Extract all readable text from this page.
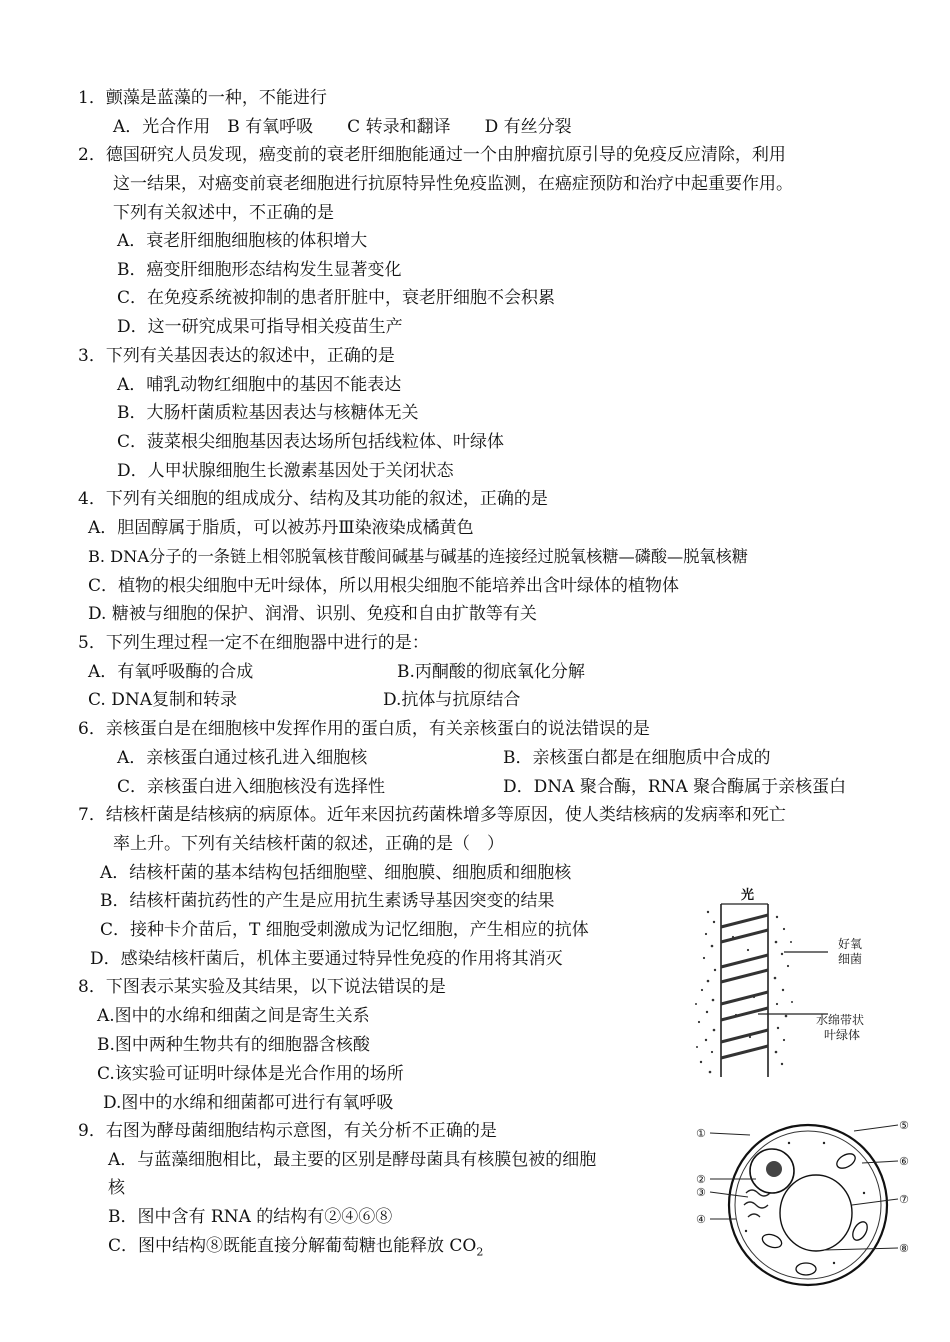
1．颤藻是蓝藻的一种，不能进行
A．光合作用　B 有氧呼吸　　C 转录和翻译　　D 有丝分裂
2．德国研究人员发现，癌变前的衰老肝细胞能通过一个由肿瘤抗原引导的免疫反应清除，利用
这一结果，对癌变前衰老细胞进行抗原特异性免疫监测，在癌症预防和治疗中起重要作用。
下列有关叙述中，不正确的是
A．衰老肝细胞细胞核的体积增大
B．癌变肝细胞形态结构发生显著变化
C．在免疫系统被抑制的患者肝脏中，衰老肝细胞不会积累
D．这一研究成果可指导相关疫苗生产
3．下列有关基因表达的叙述中，正确的是
A．哺乳动物红细胞中的基因不能表达
B．大肠杆菌质粒基因表达与核糖体无关
C．菠菜根尖细胞基因表达场所包括线粒体、叶绿体
D．人甲状腺细胞生长激素基因处于关闭状态
4．下列有关细胞的组成成分、结构及其功能的叙述，正确的是
A．胆固醇属于脂质，可以被苏丹Ⅲ染液染成橘黄色
B. DNA分子的一条链上相邻脱氧核苷酸间碱基与碱基的连接经过脱氧核糖—磷酸—脱氧核糖
C．植物的根尖细胞中无叶绿体，所以用根尖细胞不能培养出含叶绿体的植物体
D. 糖被与细胞的保护、润滑、识别、免疫和自由扩散等有关
5．下列生理过程一定不在细胞器中进行的是：
A．有氧呼吸酶的合成	B.丙酮酸的彻底氧化分解
C. DNA复制和转录	D.抗体与抗原结合
6．亲核蛋白是在细胞核中发挥作用的蛋白质，有关亲核蛋白的说法错误的是
A．亲核蛋白通过核孔进入细胞核	B．亲核蛋白都是在细胞质中合成的
C．亲核蛋白进入细胞核没有选择性	D．DNA 聚合酶，RNA 聚合酶属于亲核蛋白
7．结核杆菌是结核病的病原体。近年来因抗药菌株增多等原因，使人类结核病的发病率和死亡
率上升。下列有关结核杆菌的叙述，正确的是（　）
A．结核杆菌的基本结构包括细胞壁、细胞膜、细胞质和细胞核
B．结核杆菌抗药性的产生是应用抗生素诱导基因突变的结果
C．接种卡介苗后，T 细胞受刺激成为记忆细胞，产生相应的抗体
D．感染结核杆菌后，机体主要通过特异性免疫的作用将其消灭
8．下图表示某实验及其结果，以下说法错误的是
A.图中的水绵和细菌之间是寄生关系
B.图中两种生物共有的细胞器含核酸
C.该实验可证明叶绿体是光合作用的场所
D.图中的水绵和细菌都可进行有氧呼吸
9．右图为酵母菌细胞结构示意图，有关分析不正确的是
A．与蓝藻细胞相比，最主要的区别是酵母菌具有核膜包被的细胞
核
B．图中含有 RNA 的结构有②④⑥⑧
C．图中结构⑧既能直接分解葡萄糖也能释放 $CO_2$
光
好氧
细菌
水绵带状
叶绿体
①
②
③
④
⑤
⑥
⑦
⑧
